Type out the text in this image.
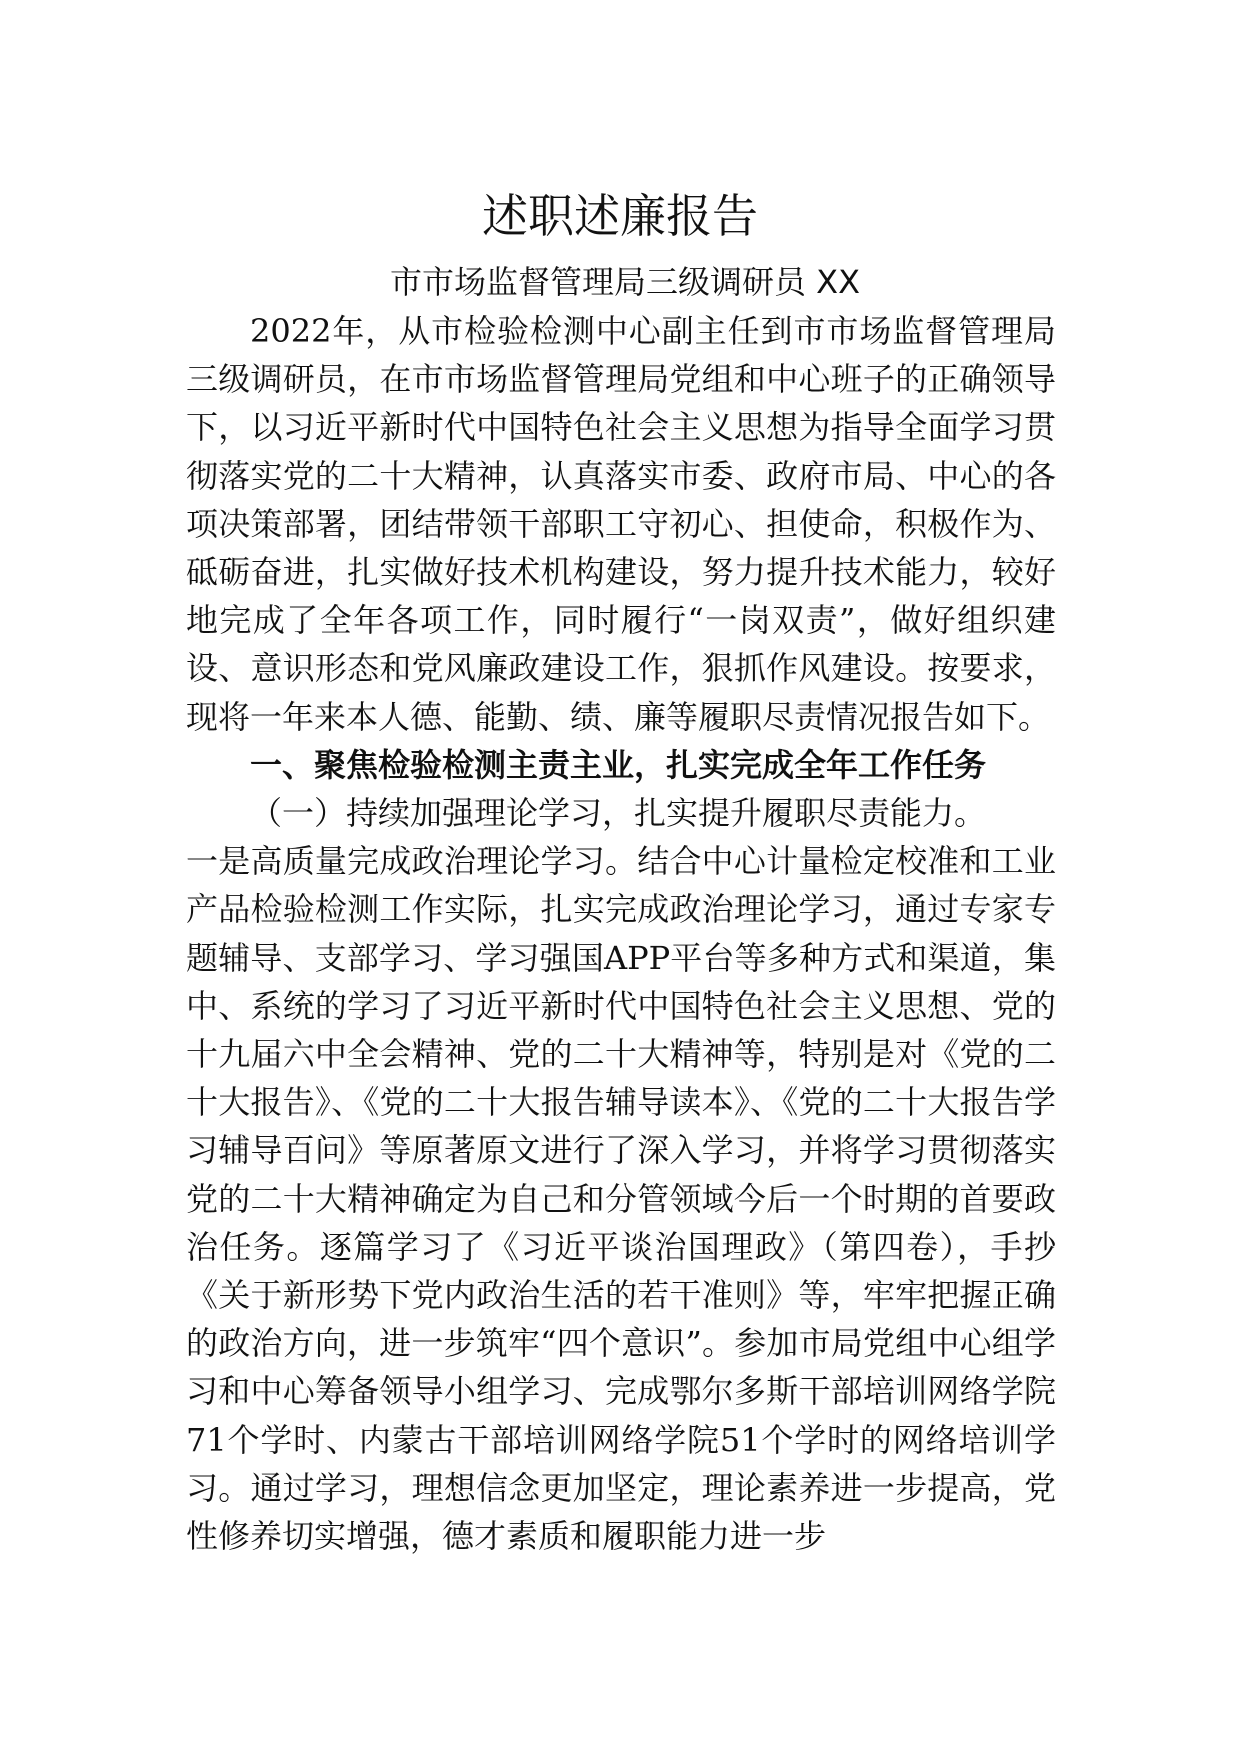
述职述廉报告
市市场监督管理局三级调研员 XX

2022年，从市检验检测中心副主任到市市场监督管理局三级调研员，在市市场监督管理局党组和中心班子的正确领导下，以习近平新时代中国特色社会主义思想为指导全面学习贯彻落实党的二十大精神，认真落实市委、政府市局、中心的各项决策部署，团结带领干部职工守初心、担使命，积极作为、砥砺奋进，扎实做好技术机构建设，努力提升技术能力，较好地完成了全年各项工作，同时履行“一岗双责”，做好组织建设、意识形态和党风廉政建设工作，狠抓作风建设。按要求，现将一年来本人德、能勤、绩、廉等履职尽责情况报告如下。

一、聚焦检验检测主责主业，扎实完成全年工作任务

（一）持续加强理论学习，扎实提升履职尽责能力。

一是高质量完成政治理论学习。结合中心计量检定校准和工业产品检验检测工作实际，扎实完成政治理论学习，通过专家专题辅导、支部学习、学习强国APP平台等多种方式和渠道，集中、系统的学习了习近平新时代中国特色社会主义思想、党的十九届六中全会精神、党的二十大精神等，特别是对《党的二十大报告》、《党的二十大报告辅导读本》、《党的二十大报告学习辅导百问》等原著原文进行了深入学习，并将学习贯彻落实党的二十大精神确定为自己和分管领域今后一个时期的首要政治任务。逐篇学习了《习近平谈治国理政》（第四卷），手抄《关于新形势下党内政治生活的若干准则》等，牢牢把握正确的政治方向，进一步筑牢“四个意识”。参加市局党组中心组学习和中心筹备领导小组学习、完成鄂尔多斯干部培训网络学院71个学时、内蒙古干部培训网络学院51个学时的网络培训学习。通过学习，理想信念更加坚定，理论素养进一步提高，党性修养切实增强，德才素质和履职能力进一步
